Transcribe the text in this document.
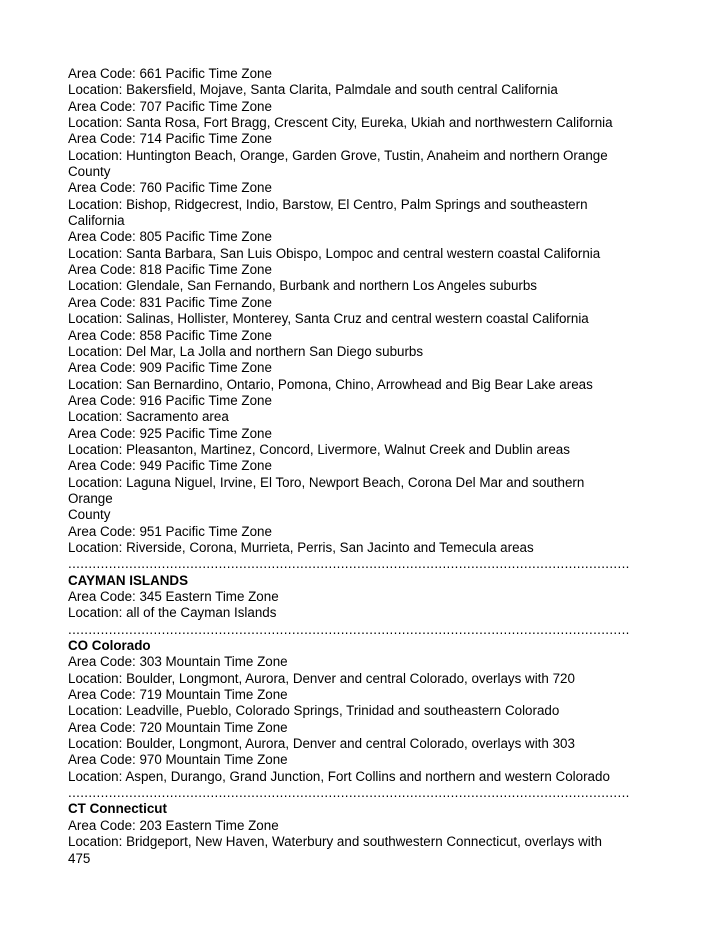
Area Code: 661 Pacific Time Zone
Location: Bakersfield, Mojave, Santa Clarita, Palmdale and south central California
Area Code: 707 Pacific Time Zone
Location: Santa Rosa, Fort Bragg, Crescent City, Eureka, Ukiah and northwestern California
Area Code: 714 Pacific Time Zone
Location: Huntington Beach, Orange, Garden Grove, Tustin, Anaheim and northern Orange
County
Area Code: 760 Pacific Time Zone
Location: Bishop, Ridgecrest, Indio, Barstow, El Centro, Palm Springs and southeastern
California
Area Code: 805 Pacific Time Zone
Location: Santa Barbara, San Luis Obispo, Lompoc and central western coastal California
Area Code: 818 Pacific Time Zone
Location: Glendale, San Fernando, Burbank and northern Los Angeles suburbs
Area Code: 831 Pacific Time Zone
Location: Salinas, Hollister, Monterey, Santa Cruz and central western coastal California
Area Code: 858 Pacific Time Zone
Location: Del Mar, La Jolla and northern San Diego suburbs
Area Code: 909 Pacific Time Zone
Location: San Bernardino, Ontario, Pomona, Chino, Arrowhead and Big Bear Lake areas
Area Code: 916 Pacific Time Zone
Location: Sacramento area
Area Code: 925 Pacific Time Zone
Location: Pleasanton, Martinez, Concord, Livermore, Walnut Creek and Dublin areas
Area Code: 949 Pacific Time Zone
Location: Laguna Niguel, Irvine, El Toro, Newport Beach, Corona Del Mar and southern
Orange
County
Area Code: 951 Pacific Time Zone
Location: Riverside, Corona, Murrieta, Perris, San Jacinto and Temecula areas
..........................................................................................................................................
CAYMAN ISLANDS
Area Code: 345 Eastern Time Zone
Location: all of the Cayman Islands
..........................................................................................................................................
CO Colorado
Area Code: 303 Mountain Time Zone
Location: Boulder, Longmont, Aurora, Denver and central Colorado, overlays with 720
Area Code: 719 Mountain Time Zone
Location: Leadville, Pueblo, Colorado Springs, Trinidad and southeastern Colorado
Area Code: 720 Mountain Time Zone
Location: Boulder, Longmont, Aurora, Denver and central Colorado, overlays with 303
Area Code: 970 Mountain Time Zone
Location: Aspen, Durango, Grand Junction, Fort Collins and northern and western Colorado
..........................................................................................................................................
CT Connecticut
Area Code: 203 Eastern Time Zone
Location: Bridgeport, New Haven, Waterbury and southwestern Connecticut, overlays with
475
